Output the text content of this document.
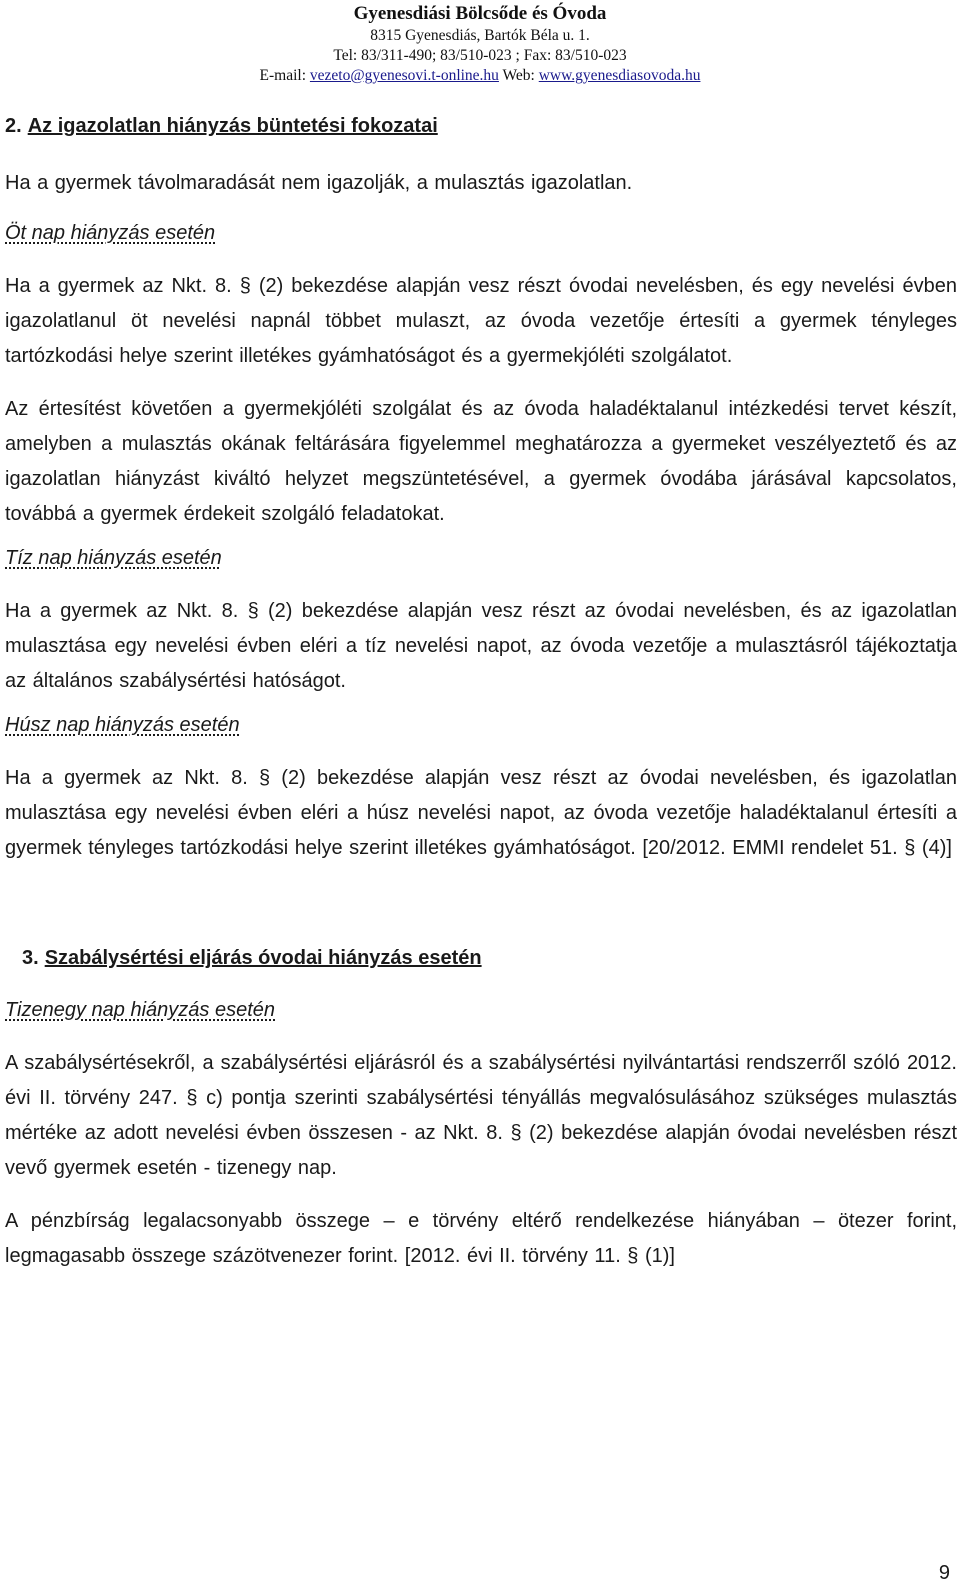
Gyenesdiási Bölcsőde és Óvoda
8315 Gyenesdiás, Bartók Béla u. 1.
Tel: 83/311-490; 83/510-023 ; Fax: 83/510-023
E-mail: vezeto@gyenesovi.t-online.hu Web: www.gyenesdiasovoda.hu
2. Az igazolatlan hiányzás büntetési fokozatai

Ha a gyermek távolmaradását nem igazolják, a mulasztás igazolatlan.

Öt nap hiányzás esetén

Ha a gyermek az Nkt. 8. § (2) bekezdése alapján vesz részt óvodai nevelésben, és egy nevelési évben igazolatlanul öt nevelési napnál többet mulaszt, az óvoda vezetője értesíti a gyermek tényleges tartózkodási helye szerint illetékes gyámhatóságot és a gyermekjóléti szolgálatot.

Az értesítést követően a gyermekjóléti szolgálat és az óvoda haladéktalanul intézkedési tervet készít, amelyben a mulasztás okának feltárására figyelemmel meghatározza a gyermeket veszélyeztető és az igazolatlan hiányzást kiváltó helyzet megszüntetésével, a gyermek óvodába járásával kapcsolatos, továbbá a gyermek érdekeit szolgáló feladatokat.

Tíz nap hiányzás esetén

Ha a gyermek az Nkt. 8. § (2) bekezdése alapján vesz részt az óvodai nevelésben, és az igazolatlan mulasztása egy nevelési évben eléri a tíz nevelési napot, az óvoda vezetője a mulasztásról tájékoztatja az általános szabálysértési hatóságot.

Húsz nap hiányzás esetén

Ha a gyermek az Nkt. 8. § (2) bekezdése alapján vesz részt az óvodai nevelésben, és igazolatlan mulasztása egy nevelési évben eléri a húsz nevelési napot, az óvoda vezetője haladéktalanul értesíti a gyermek tényleges tartózkodási helye szerint illetékes gyámhatóságot. [20/2012. EMMI rendelet 51. § (4)]

3. Szabálysértési eljárás óvodai hiányzás esetén
Tizenegy nap hiányzás esetén

A szabálysértésekről, a szabálysértési eljárásról és a szabálysértési nyilvántartási rendszerről szóló 2012. évi II. törvény 247. § c) pontja szerinti szabálysértési tényállás megvalósulásához szükséges mulasztás mértéke az adott nevelési évben összesen - az Nkt. 8. § (2) bekezdése alapján óvodai nevelésben részt vevő gyermek esetén - tizenegy nap.

A pénzbírság legalacsonyabb összege – e törvény eltérő rendelkezése hiányában – ötezer forint, legmagasabb összege százötvenezer forint. [2012. évi II. törvény 11. § (1)]

9
